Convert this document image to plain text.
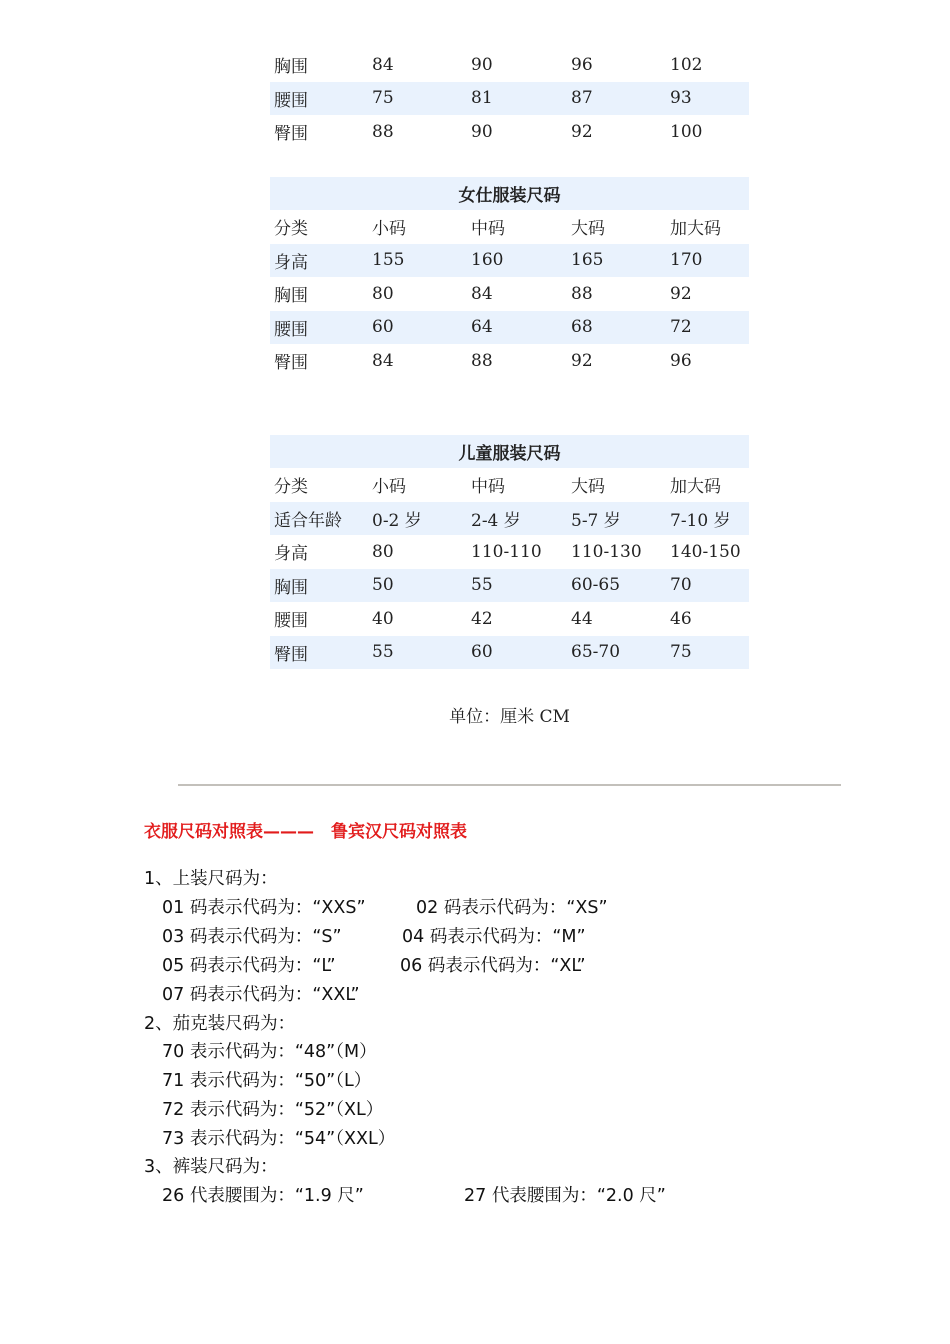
胸围	84	90	96	102
腰围	75	81	87	93
臀围	88	90	92	100
女仕服装尺码
分类	小码	中码	大码	加大码
身高	155	160	165	170
胸围	80	84	88	92
腰围	60	64	68	72
臀围	84	88	92	96
儿童服装尺码
分类	小码	中码	大码	加大码
适合年龄	0-2 岁	2-4 岁	5-7 岁	7-10 岁
身高	80	110-110	110-130	140-150
胸围	50	55	60-65	70
腰围	40	42	44	46
臀围	55	60	65-70	75
单位：厘米 CM
衣服尺码对照表———　鲁宾汉尺码对照表
1、上装尺码为：
01 码表示代码为：“XXS”	02 码表示代码为：“XS”
03 码表示代码为：“S”	04 码表示代码为：“M”
05 码表示代码为：“L”	06 码表示代码为：“XL”
07 码表示代码为：“XXL”
2、茄克装尺码为：
70 表示代码为：“48”（M）
71 表示代码为：“50”（L）
72 表示代码为：“52”（XL）
73 表示代码为：“54”（XXL）
3、裤装尺码为：
26 代表腰围为：“1.9 尺”	27 代表腰围为：“2.0 尺”
